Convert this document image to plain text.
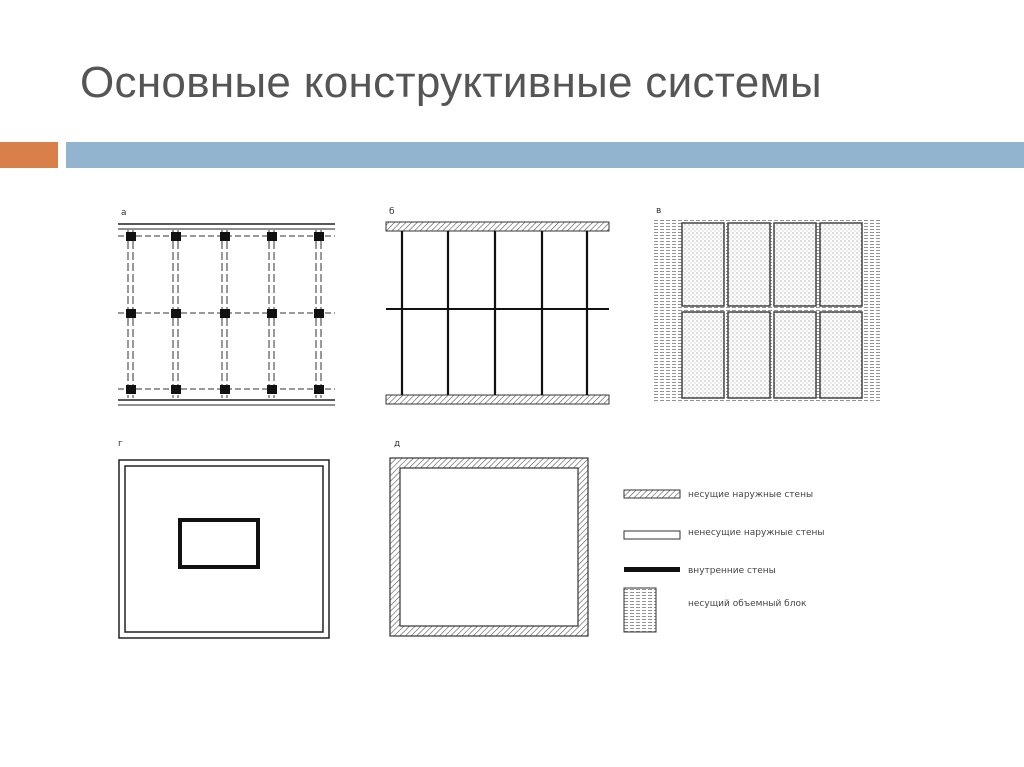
Основные конструктивные системы
а	б	в
г	д
несущие наружные стены
ненесущие наружные стены
внутренние стены
несущий объемный блок
